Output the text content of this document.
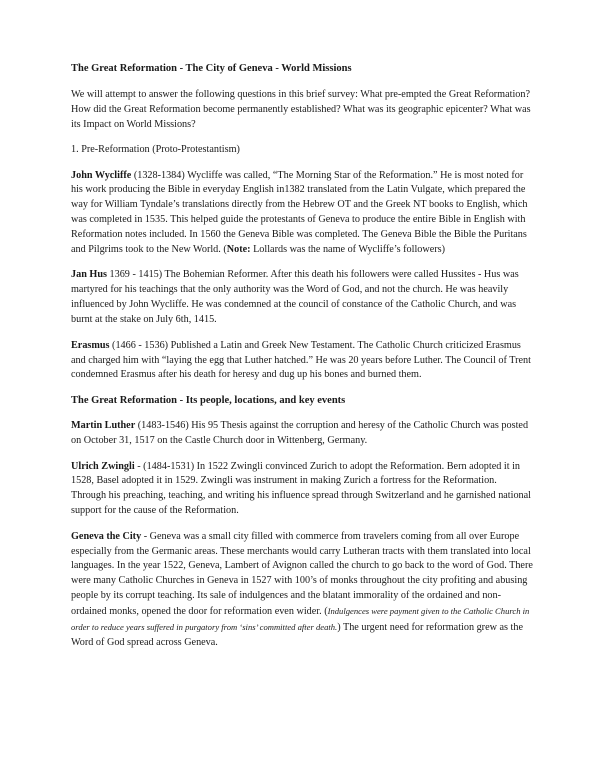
The Great Reformation - The City of Geneva - World Missions

We will attempt to answer the following questions in this brief survey: What pre-empted the Great Reformation? How did the Great Reformation become permanently established? What was its geographic epicenter? What was its Impact on World Missions?

1. Pre-Reformation (Proto-Protestantism)

John Wycliffe (1328-1384) Wycliffe was called, “The Morning Star of the Reformation.” He is most noted for his work producing the Bible in everyday English in1382 translated from the Latin Vulgate, which prepared the way for William Tyndale’s translations directly from the Hebrew OT and the Greek NT books to English, which was completed in 1535. This helped guide the protestants of Geneva to produce the entire Bible in English with Reformation notes included. In 1560 the Geneva Bible was completed. The Geneva Bible the Bible the Puritans and Pilgrims took to the New World. (Note: Lollards was the name of Wycliffe’s followers)

Jan Hus 1369 - 1415) The Bohemian Reformer. After this death his followers were called Hussites - Hus was martyred for his teachings that the only authority was the Word of God, and not the church. He was heavily influenced by John Wycliffe. He was condemned at the council of constance of the Catholic Church, and was burnt at the stake on July 6th, 1415.

Erasmus (1466 - 1536) Published a Latin and Greek New Testament. The Catholic Church criticized Erasmus and charged him with “laying the egg that Luther hatched.” He was 20 years before Luther. The Council of Trent condemned Erasmus after his death for heresy and dug up his bones and burned them.

The Great Reformation - Its people, locations, and key events

Martin Luther (1483-1546) His 95 Thesis against the corruption and heresy of the Catholic Church was posted on October 31, 1517 on the Castle Church door in Wittenberg, Germany.

Ulrich Zwingli - (1484-1531) In 1522 Zwingli convinced Zurich to adopt the Reformation. Bern adopted it in 1528, Basel adopted it in 1529. Zwingli was instrument in making Zurich a fortress for the Reformation. Through his preaching, teaching, and writing his influence spread through Switzerland and he garnished national support for the cause of the Reformation.

Geneva the City - Geneva was a small city filled with commerce from travelers coming from all over Europe especially from the Germanic areas. These merchants would carry Lutheran tracts with them translated into local languages. In the year 1522, Geneva, Lambert of Avignon called the church to go back to the word of God. There were many Catholic Churches in Geneva in 1527 with 100’s of monks throughout the city profiting and abusing people by its corrupt teaching. Its sale of indulgences and the blatant immorality of the ordained and non-ordained monks, opened the door for reformation even wider. (Indulgences were payment given to the Catholic Church in order to reduce years suffered in purgatory from ‘sins’ committed after death.) The urgent need for reformation grew as the Word of God spread across Geneva.
